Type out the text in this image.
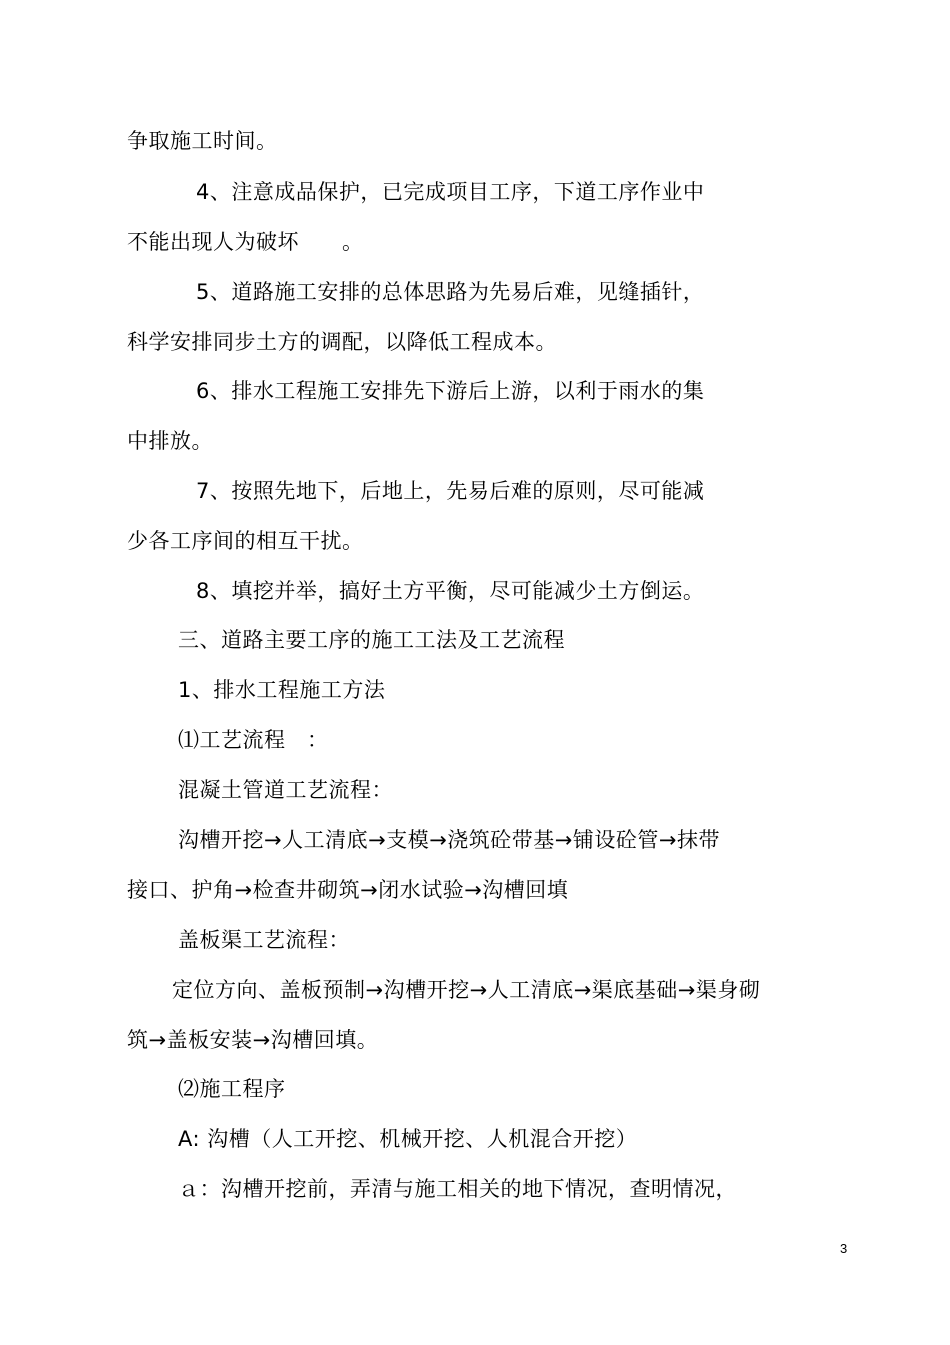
争取施工时间。
4、注意成品保护，已完成项目工序，下道工序作业中
不能出现人为破坏　　。
5、道路施工安排的总体思路为先易后难，见缝插针，
科学安排同步土方的调配，以降低工程成本。
6、排水工程施工安排先下游后上游，以利于雨水的集
中排放。
7、按照先地下，后地上，先易后难的原则，尽可能减
少各工序间的相互干扰。
8、填挖并举，搞好土方平衡，尽可能减少土方倒运。
三、道路主要工序的施工工法及工艺流程
1、排水工程施工方法
⑴工艺流程　：
混凝土管道工艺流程：
沟槽开挖→人工清底→支模→浇筑砼带基→铺设砼管→抹带
接口、护角→检查井砌筑→闭水试验→沟槽回填
盖板渠工艺流程：
定位方向、盖板预制→沟槽开挖→人工清底→渠底基础→渠身砌
筑→盖板安装→沟槽回填。
⑵施工程序
A: 沟槽（人工开挖、机械开挖、人机混合开挖）
ａ：沟槽开挖前，弄清与施工相关的地下情况，查明情况，
3
